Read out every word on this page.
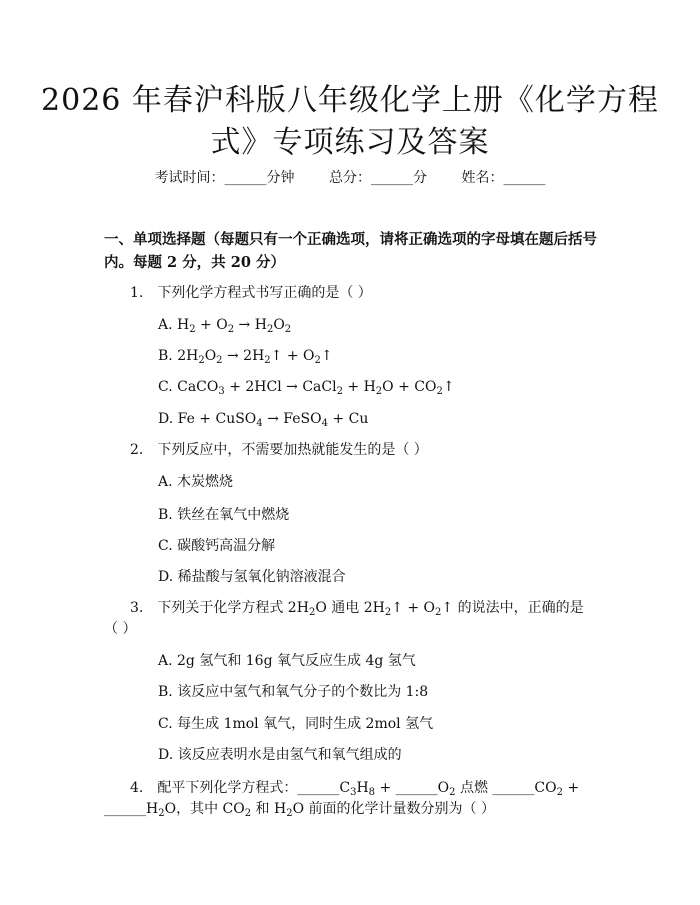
2026 年春沪科版八年级化学上册《化学方程
式》专项练习及答案
考试时间：______分钟 总分：______分 姓名：______
一、单项选择题（每题只有一个正确选项，请将正确选项的字母填在题后括号内。每题 2 分，共 20 分）
1.　下列化学方程式书写正确的是（ ）
A. $H_2 + O_2 \to H_2O_2$
B. $2H_2O_2$ → $2H_2↑$ + $O_2↑$
C. CaCO$_3$ + 2HCl → CaCl$_2$ + $H_2O$ + $CO_2↑$
D. Fe + CuSO$_4$ → FeSO$_4$ + Cu
2.　下列反应中，不需要加热就能发生的是（ ）
A. 木炭燃烧
B. 铁丝在氧气中燃烧
C. 碳酸钙高温分解
D. 稀盐酸与氢氧化钠溶液混合
3.　下列关于化学方程式 $2H_2O$ 通电 $2H_2↑$ + $O_2↑$ 的说法中，正确的是（ ）
A. 2g 氢气和 16g 氧气反应生成 4g 氢气
B. 该反应中氢气和氧气分子的个数比为 1:8
C. 每生成 1mol 氧气，同时生成 2mol 氢气
D. 该反应表明水是由氢气和氧气组成的
4.　配平下列化学方程式：$\_\_\_\_\_\_C_3H_8$ + $\_\_\_\_\_\_O_2$ 点燃 $\_\_\_\_\_\_CO_2$ + $\_\_\_\_\_\_H_2O$，其中 $CO_2$ 和 $H_2O$ 前面的化学计量数分别为（ ）
